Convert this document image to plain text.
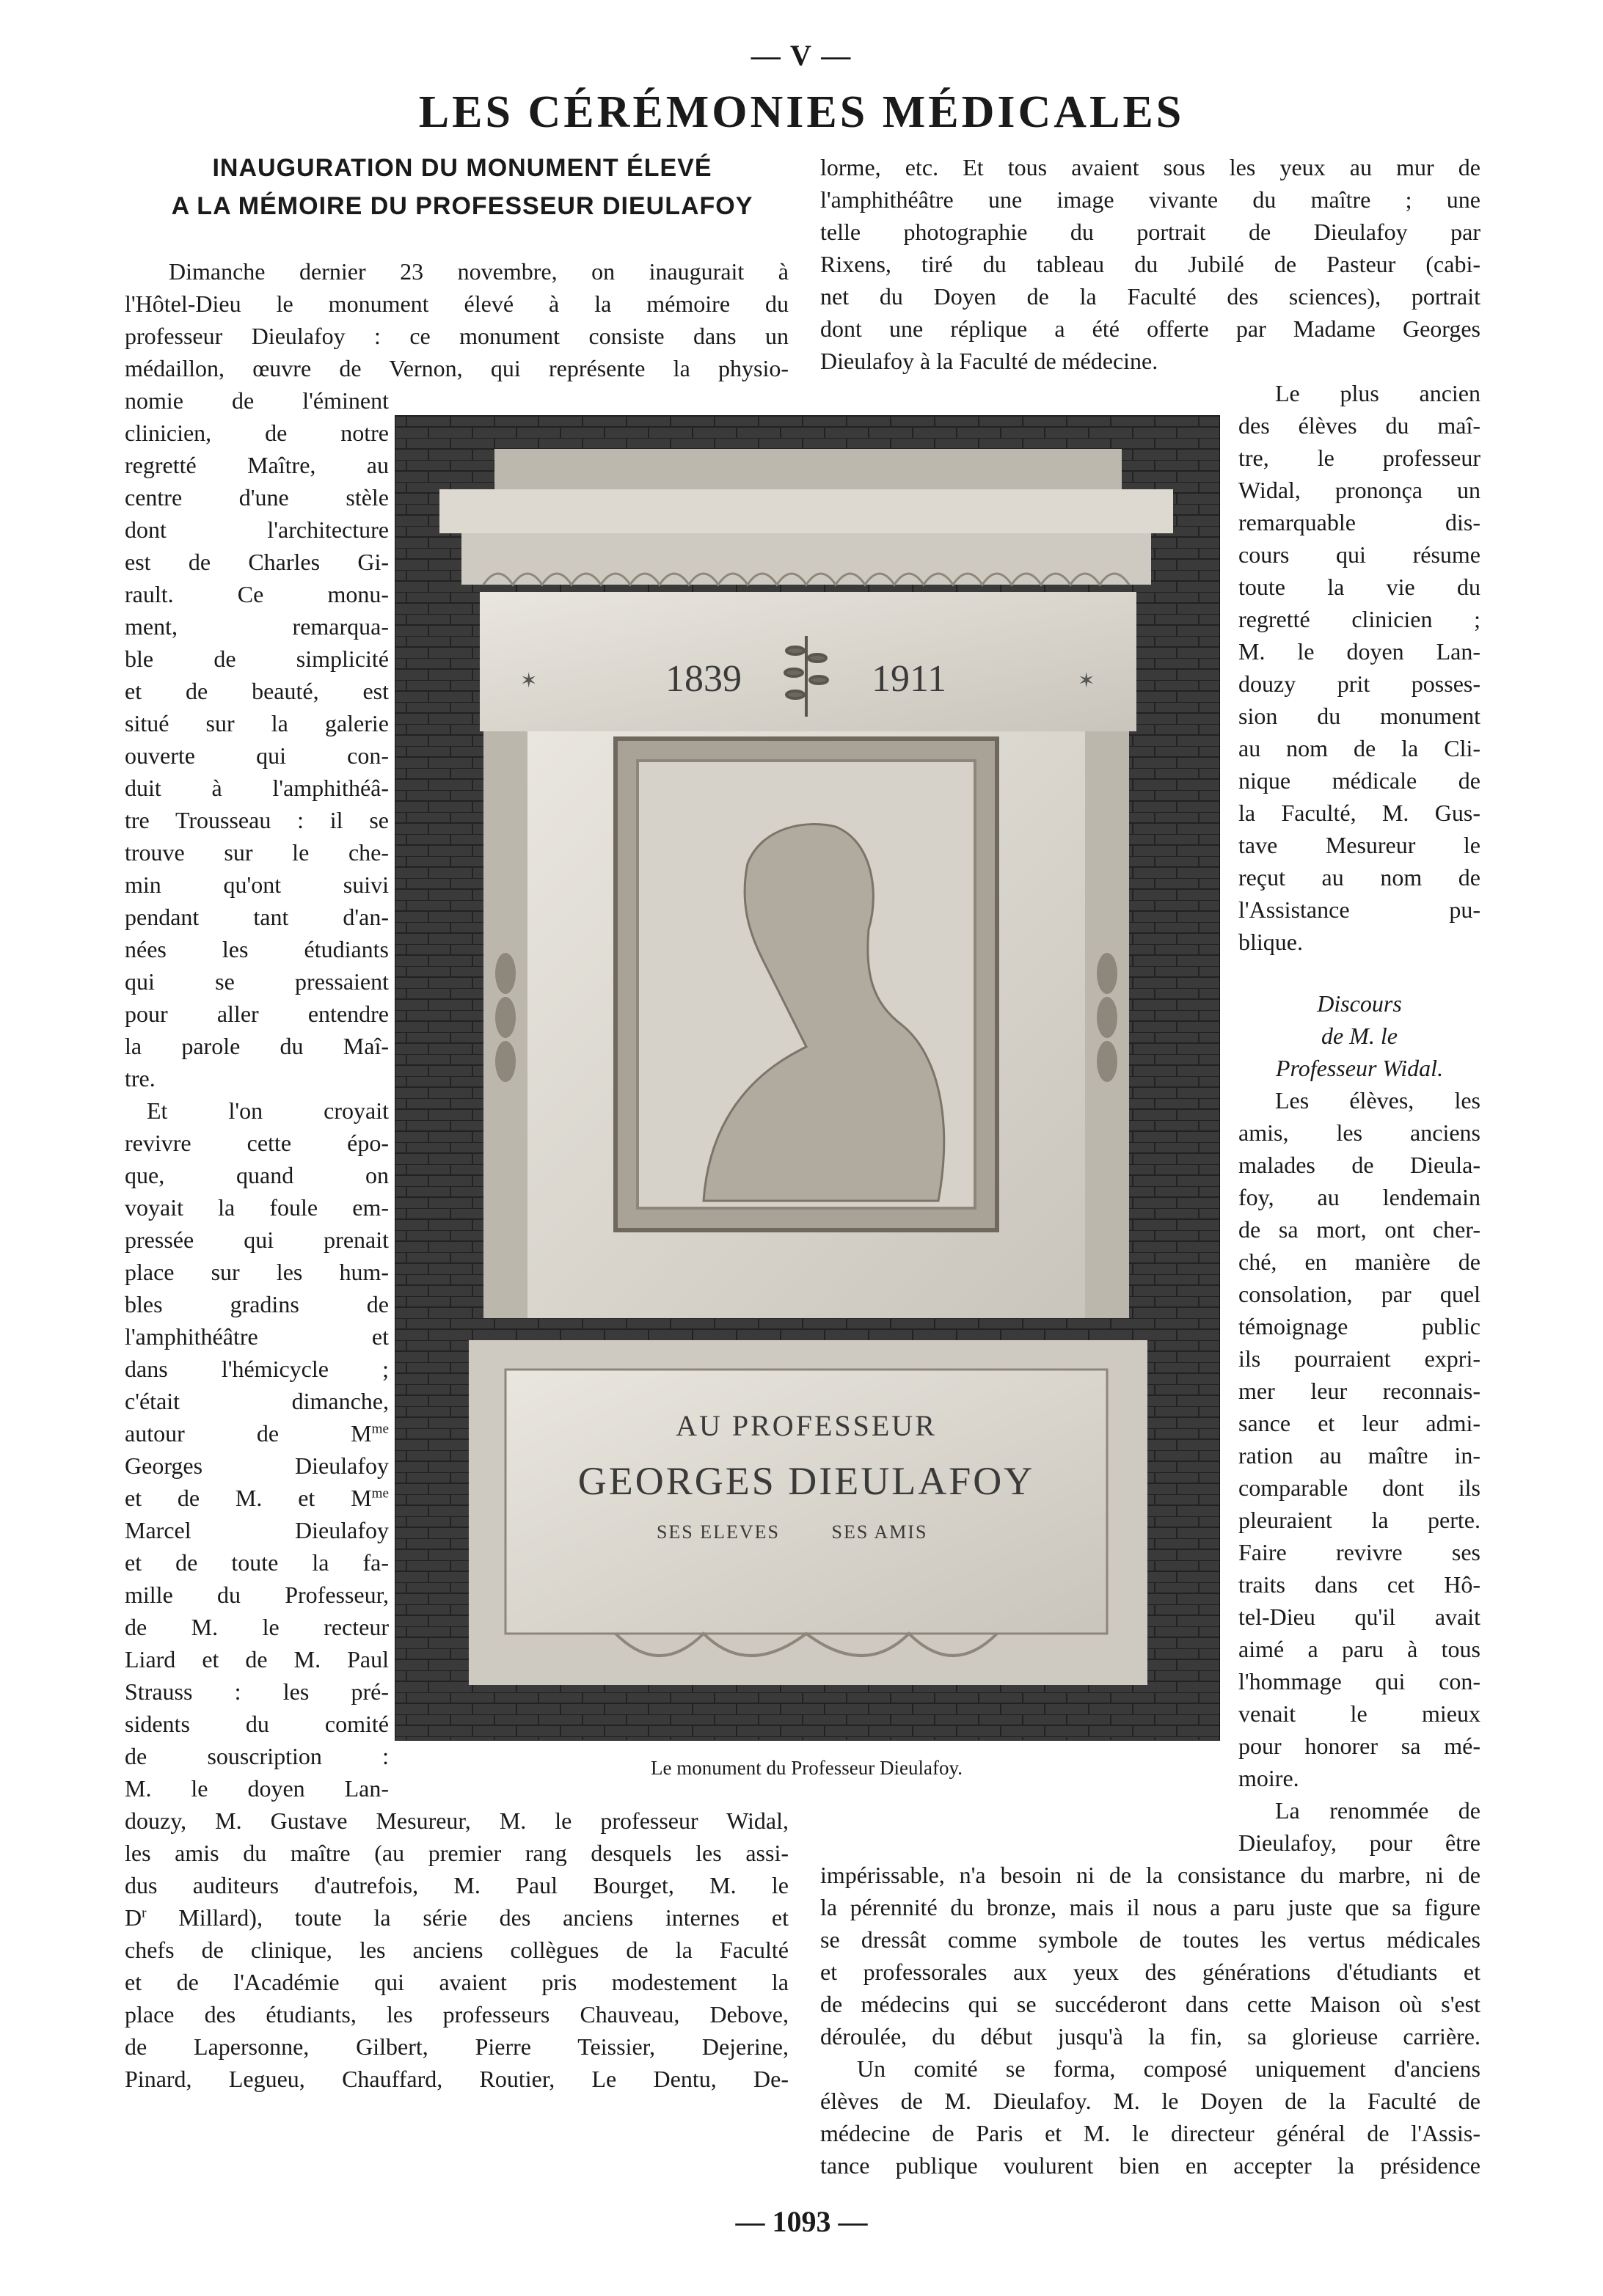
— V —
LES CÉRÉMONIES MÉDICALES
INAUGURATION DU MONUMENT ÉLEVÉ
A LA MÉMOIRE DU PROFESSEUR DIEULAFOY
1839	1911
✶	✶
AU PROFESSEUR
GEORGES DIEULAFOY
SES ELEVES	SES AMIS
Le monument du Professeur Dieulafoy.
Dimanche dernier 23 novembre, on inaugurait à
l'Hôtel-Dieu le monument élevé à la mémoire du
professeur Dieulafoy : ce monument consiste dans un
médaillon, œuvre de Vernon, qui représente la physio-
nomie de l'éminent
clinicien, de notre
regretté Maître, au
centre d'une stèle
dont l'architecture
est de Charles Gi-
rault. Ce monu-
ment, remarqua-
ble de simplicité
et de beauté, est
situé sur la galerie
ouverte qui con-
duit à l'amphithéâ-
tre Trousseau : il se
trouve sur le che-
min qu'ont suivi
pendant tant d'an-
nées les étudiants
qui se pressaient
pour aller entendre
la parole du Maî-
tre.
Et l'on croyait
revivre cette épo-
que, quand on
voyait la foule em-
pressée qui prenait
place sur les hum-
bles gradins de
l'amphithéâtre et
dans l'hémicycle ;
c'était dimanche,
autour de $M^{me}$
Georges Dieulafoy
et de M. et $M^{me}$
Marcel Dieulafoy
et de toute la fa-
mille du Professeur,
de M. le recteur
Liard et de M. Paul
Strauss : les pré-
sidents du comité
de souscription :
M. le doyen Lan-
douzy, M. Gustave Mesureur, M. le professeur Widal,
les amis du maître (au premier rang desquels les assi-
dus auditeurs d'autrefois, M. Paul Bourget, M. le
$D^r$ Millard), toute la série des anciens internes et
chefs de clinique, les anciens collègues de la Faculté
et de l'Académie qui avaient pris modestement la
place des étudiants, les professeurs Chauveau, Debove,
de Lapersonne, Gilbert, Pierre Teissier, Dejerine,
Pinard, Legueu, Chauffard, Routier, Le Dentu, De-
lorme, etc. Et tous avaient sous les yeux au mur de
l'amphithéâtre une image vivante du maître ; une
telle photographie du portrait de Dieulafoy par
Rixens, tiré du tableau du Jubilé de Pasteur (cabi-
net du Doyen de la Faculté des sciences), portrait
dont une réplique a été offerte par Madame Georges
Dieulafoy à la Faculté de médecine.
Le plus ancien
des élèves du maî-
tre, le professeur
Widal, prononça un
remarquable dis-
cours qui résume
toute la vie du
regretté clinicien ;
M. le doyen Lan-
douzy prit posses-
sion du monument
au nom de la Cli-
nique médicale de
la Faculté, M. Gus-
tave Mesureur le
reçut au nom de
l'Assistance pu-
blique.
Discours
de M. le
Professeur Widal.
Les élèves, les
amis, les anciens
malades de Dieula-
foy, au lendemain
de sa mort, ont cher-
ché, en manière de
consolation, par quel
témoignage public
ils pourraient expri-
mer leur reconnais-
sance et leur admi-
ration au maître in-
comparable dont ils
pleuraient la perte.
Faire revivre ses
traits dans cet Hô-
tel-Dieu qu'il avait
aimé a paru à tous
l'hommage qui con-
venait le mieux
pour honorer sa mé-
moire.
La renommée de
Dieulafoy, pour être
impérissable, n'a besoin ni de la consistance du marbre, ni de
la pérennité du bronze, mais il nous a paru juste que sa figure
se dressât comme symbole de toutes les vertus médicales
et professorales aux yeux des générations d'étudiants et
de médecins qui se succéderont dans cette Maison où s'est
déroulée, du début jusqu'à la fin, sa glorieuse carrière.
Un comité se forma, composé uniquement d'anciens
élèves de M. Dieulafoy. M. le Doyen de la Faculté de
médecine de Paris et M. le directeur général de l'Assis-
tance publique voulurent bien en accepter la présidence
— 1093 —
